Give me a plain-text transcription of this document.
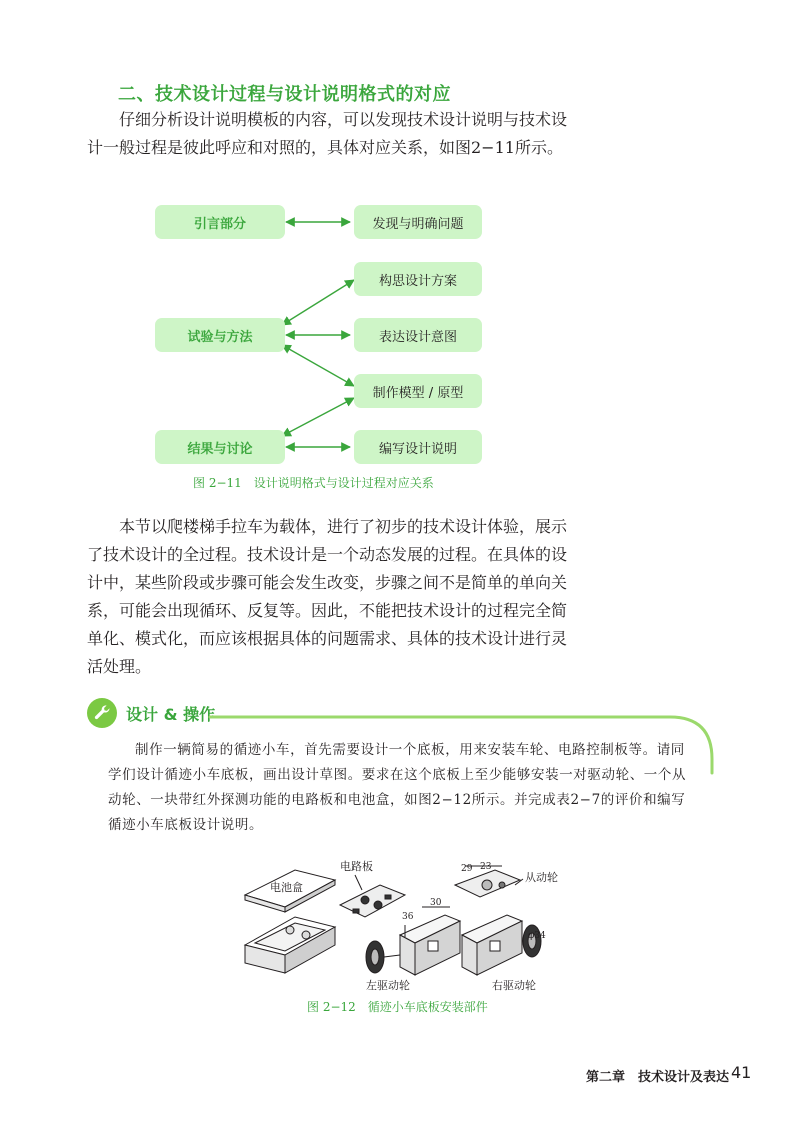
二、技术设计过程与设计说明格式的对应

仔细分析设计说明模板的内容，可以发现技术设计说明与技术设计一般过程是彼此呼应和对照的，具体对应关系，如图2−11所示。

引言部分
试验与方法
结果与讨论
发现与明确问题
构思设计方案
表达设计意图
制作模型 / 原型
编写设计说明
图 2−11　设计说明格式与设计过程对应关系

本节以爬楼梯手拉车为载体，进行了初步的技术设计体验，展示了技术设计的全过程。技术设计是一个动态发展的过程。在具体的设计中，某些阶段或步骤可能会发生改变，步骤之间不是简单的单向关系，可能会出现循环、反复等。因此，不能把技术设计的过程完全简单化、模式化，而应该根据具体的问题需求、具体的技术设计进行灵活处理。

设计 & 操作

制作一辆简易的循迹小车，首先需要设计一个底板，用来安装车轮、电路控制板等。请同学们设计循迹小车底板，画出设计草图。要求在这个底板上至少能够安装一对驱动轮、一个从动轮、一块带红外探测功能的电路板和电池盒，如图2−12所示。并完成表2−7的评价和编写循迹小车底板设计说明。

电池盒
电路板
从动轮
左驱动轮	右驱动轮
29 23
30
36
φ34
图 2−12　循迹小车底板安装部件
第二章　技术设计及表达 41
